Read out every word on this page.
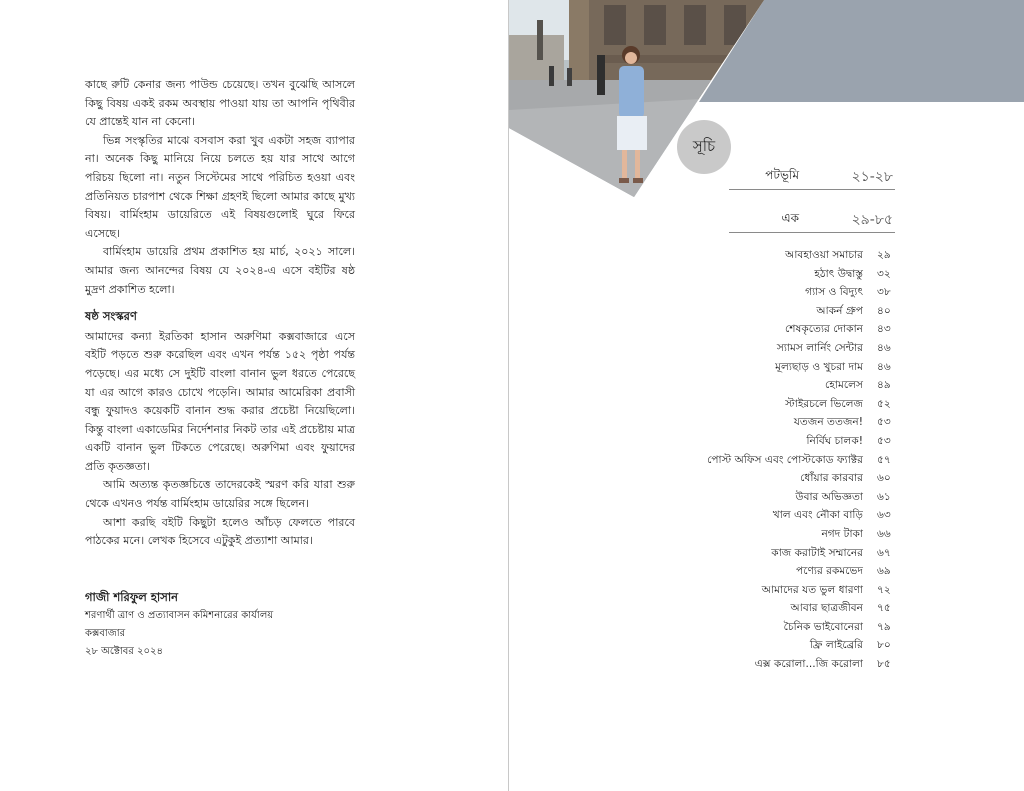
কাছে রুটি কেনার জন্য পাউন্ড চেয়েছে। তখন বুঝেছি আসলে কিছু বিষয় একই রকম অবস্থায় পাওয়া যায় তা আপনি পৃথিবীর যে প্রান্তেই যান না কেনো।

ভিন্ন সংস্কৃতির মাঝে বসবাস করা খুব একটা সহজ ব্যাপার না। অনেক কিছু মানিয়ে নিয়ে চলতে হয় যার সাথে আগে পরিচয় ছিলো না। নতুন সিস্টেমের সাথে পরিচিত হওয়া এবং প্রতিনিয়ত চারপাশ থেকে শিক্ষা গ্রহণই ছিলো আমার কাছে মুখ্য বিষয়। বার্মিংহাম ডায়েরিতে এই বিষয়গুলোই ঘুরে ফিরে এসেছে।

বার্মিংহাম ডায়েরি প্রথম প্রকাশিত হয় মার্চ, ২০২১ সালে। আমার জন্য আনন্দের বিষয় যে ২০২৪-এ এসে বইটির ষষ্ঠ মুদ্রণ প্রকাশিত হলো।

ষষ্ঠ সংস্করণ

আমাদের কন্যা ইরতিকা হাসান অরুণিমা কক্সবাজারে এসে বইটি পড়তে শুরু করেছিল এবং এখন পর্যন্ত ১৫২ পৃষ্ঠা পর্যন্ত পড়েছে। এর মধ্যে সে দুইটি বাংলা বানান ভুল ধরতে পেরেছে যা এর আগে কারও চোখে পড়েনি। আমার আমেরিকা প্রবাসী বন্ধু ফুয়াদও কয়েকটি বানান শুদ্ধ করার প্রচেষ্টা নিয়েছিলো। কিন্তু বাংলা একাডেমির নির্দেশনার নিকট তার এই প্রচেষ্টায় মাত্র একটি বানান ভুল টিকতে পেরেছে। অরুণিমা এবং ফুয়াদের প্রতি কৃতজ্ঞতা।

আমি অত্যন্ত কৃতজ্ঞচিত্তে তাদেরকেই স্মরণ করি যারা শুরু থেকে এখনও পর্যন্ত বার্মিংহাম ডায়েরির সঙ্গে ছিলেন।

আশা করছি বইটি কিছুটা হলেও আঁচড় ফেলতে পারবে পাঠকের মনে। লেখক হিসেবে এটুকুই প্রত্যাশা আমার।

গাজী শরিফুল হাসান
শরণার্থী ত্রাণ ও প্রত্যাবাসন কমিশনারের কার্যালয়
কক্সবাজার
২৮ অক্টোবর ২০২৪
সূচি
পটভূমি	২১-২৮
এক	২৯-৮৫
আবহাওয়া সমাচার ২৯
হঠাৎ উদ্বাস্তু ৩২
গ্যাস ও বিদ্যুৎ ৩৮
আকর্ন গ্রুপ ৪০
শেষকৃত্যের দোকান ৪৩
স্যামস লার্নিং সেন্টার ৪৬
মূল্যছাড় ও খুচরা দাম ৪৬
হোমলেস ৪৯
স্টাইরচলে ভিলেজ ৫২
যতজন ততজন! ৫৩
নির্বিঘ চালক! ৫৩
পোস্ট অফিস এবং পোস্টকোড ফ্যাক্টর ৫৭
ধোঁয়ার কারবার ৬০
উবার অভিজ্ঞতা ৬১
খাল এবং নৌকা বাড়ি ৬৩
নগদ টাকা ৬৬
কাজ করাটাই সম্মানের ৬৭
পণ্যের রকমভেদ ৬৯
আমাদের যত ভুল ধারণা ৭২
আবার ছাত্রজীবন ৭৫
চৈনিক ভাইবোনেরা ৭৯
ফ্রি লাইব্রেরি ৮০
এক্স করোলা...জি করোলা ৮৫
